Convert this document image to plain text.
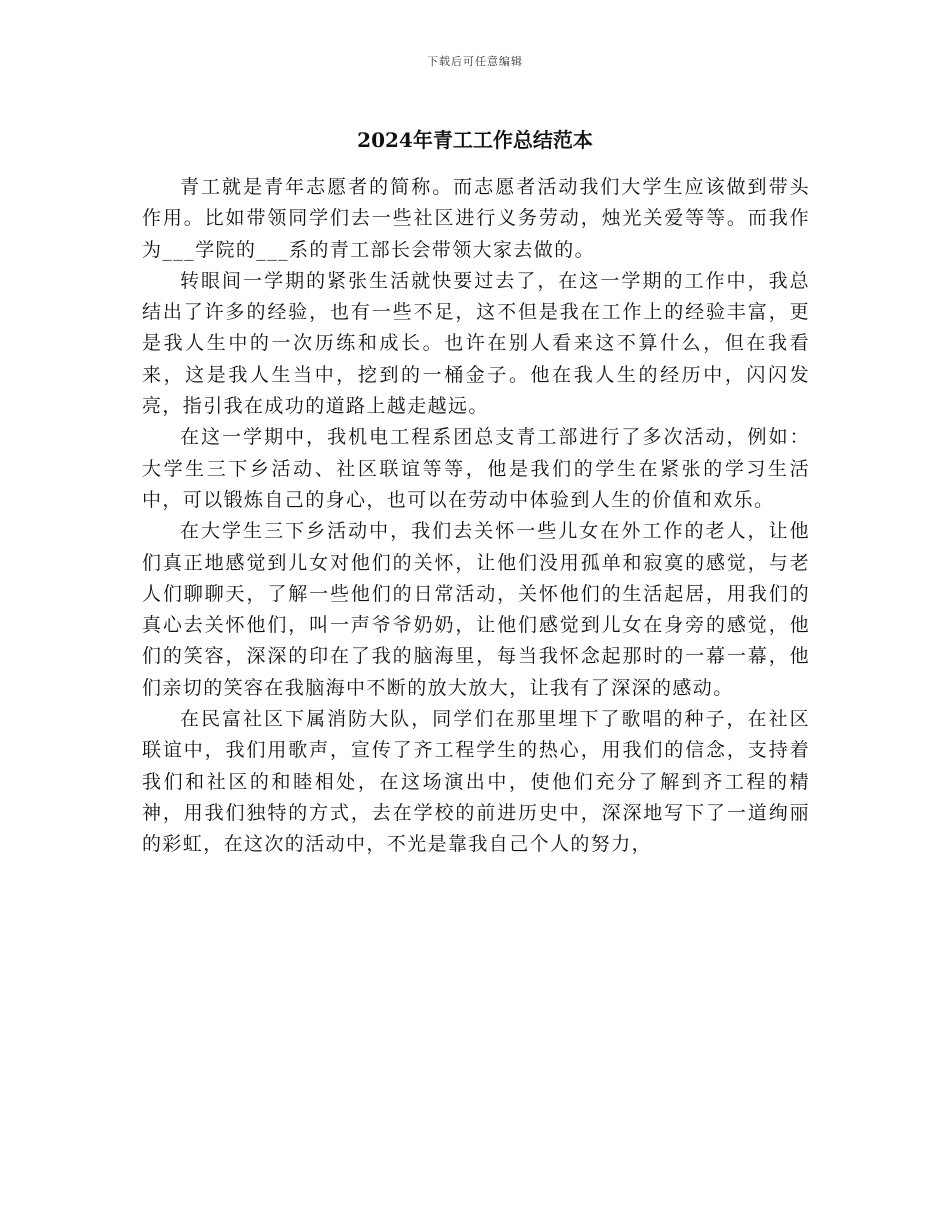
下载后可任意编辑
2024年青工工作总结范本

青工就是青年志愿者的简称。而志愿者活动我们大学生应该做到带头作用。比如带领同学们去一些社区进行义务劳动，烛光关爱等等。而我作为___学院的___系的青工部长会带领大家去做的。

转眼间一学期的紧张生活就快要过去了，在这一学期的工作中，我总结出了许多的经验，也有一些不足，这不但是我在工作上的经验丰富，更是我人生中的一次历练和成长。也许在别人看来这不算什么，但在我看来，这是我人生当中，挖到的一桶金子。他在我人生的经历中，闪闪发亮，指引我在成功的道路上越走越远。

在这一学期中，我机电工程系团总支青工部进行了多次活动，例如：大学生三下乡活动、社区联谊等等，他是我们的学生在紧张的学习生活中，可以锻炼自己的身心，也可以在劳动中体验到人生的价值和欢乐。

在大学生三下乡活动中，我们去关怀一些儿女在外工作的老人，让他们真正地感觉到儿女对他们的关怀，让他们没用孤单和寂寞的感觉，与老人们聊聊天，了解一些他们的日常活动，关怀他们的生活起居，用我们的真心去关怀他们，叫一声爷爷奶奶，让他们感觉到儿女在身旁的感觉，他们的笑容，深深的印在了我的脑海里，每当我怀念起那时的一幕一幕，他们亲切的笑容在我脑海中不断的放大放大，让我有了深深的感动。

在民富社区下属消防大队，同学们在那里埋下了歌唱的种子，在社区联谊中，我们用歌声，宣传了齐工程学生的热心，用我们的信念，支持着我们和社区的和睦相处，在这场演出中，使他们充分了解到齐工程的精神，用我们独特的方式，去在学校的前进历史中，深深地写下了一道绚丽的彩虹，在这次的活动中，不光是靠我自己个人的努力，
